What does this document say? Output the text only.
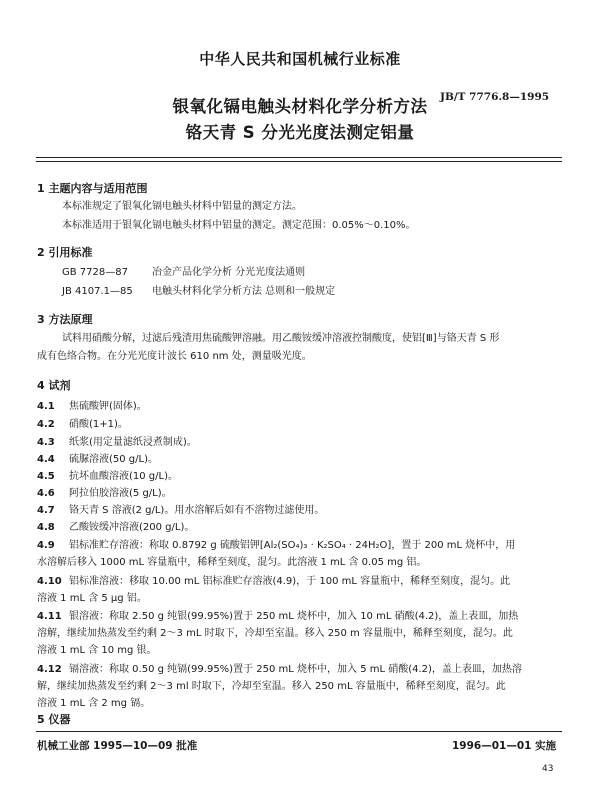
中华人民共和国机械行业标准
JB/T 7776.8—1995
银氧化镉电触头材料化学分析方法
铬天青 S 分光光度法测定铝量
1 主题内容与适用范围
本标准规定了银氧化镉电触头材料中铝量的测定方法。
本标准适用于银氧化镉电触头材料中铝量的测定。测定范围：0.05%～0.10%。
2 引用标准
GB 7728—87 冶金产品化学分析 分光光度法通则
JB 4107.1—85 电触头材料化学分析方法 总则和一般规定
3 方法原理
试料用硝酸分解，过滤后残渣用焦硫酸钾溶融。用乙酸铵缓冲溶液控制酸度，使铝[Ⅲ]与铬天青 S 形
成有色络合物。在分光光度计波长 610 nm 处，测量吸光度。
4 试剂
4.1 焦硫酸钾(固体)。
4.2 硝酸(1+1)。
4.3 纸浆(用定量滤纸浸煮制成)。
4.4 硫脲溶液(50 g/L)。
4.5 抗坏血酸溶液(10 g/L)。
4.6 阿拉伯胶溶液(5 g/L)。
4.7 铬天青 S 溶液(2 g/L)。用水溶解后如有不溶物过滤使用。
4.8 乙酸铵缓冲溶液(200 g/L)。
4.9 铝标准贮存溶液：称取 0.8792 g 硫酸铝钾[Al₂(SO₄)₃ · K₂SO₄ · 24H₂O]，置于 200 mL 烧杯中，用
水溶解后移入 1000 mL 容量瓶中，稀释至刻度，混匀。此溶液 1 mL 含 0.05 mg 铝。
4.10 铝标准溶液：移取 10.00 mL 铝标准贮存溶液(4.9)，于 100 mL 容量瓶中，稀释至刻度，混匀。此
溶液 1 mL 含 5 μg 铝。
4.11 银溶液：称取 2.50 g 纯银(99.95%)置于 250 mL 烧杯中，加入 10 mL 硝酸(4.2)，盖上表皿，加热
溶解，继续加热蒸发至约剩 2～3 mL 时取下，冷却至室温。移入 250 m 容量瓶中，稀释至刻度，混匀。此
溶液 1 mL 含 10 mg 银。
4.12 镉溶液：称取 0.50 g 纯镉(99.95%)置于 250 mL 烧杯中，加入 5 mL 硝酸(4.2)，盖上表皿，加热溶
解，继续加热蒸发至约剩 2～3 ml 时取下，冷却至室温。移入 250 mL 容量瓶中，稀释至刻度，混匀。此
溶液 1 mL 含 2 mg 镉。
5 仪器
机械工业部 1995—10—09 批准	1996—01—01 实施
43
